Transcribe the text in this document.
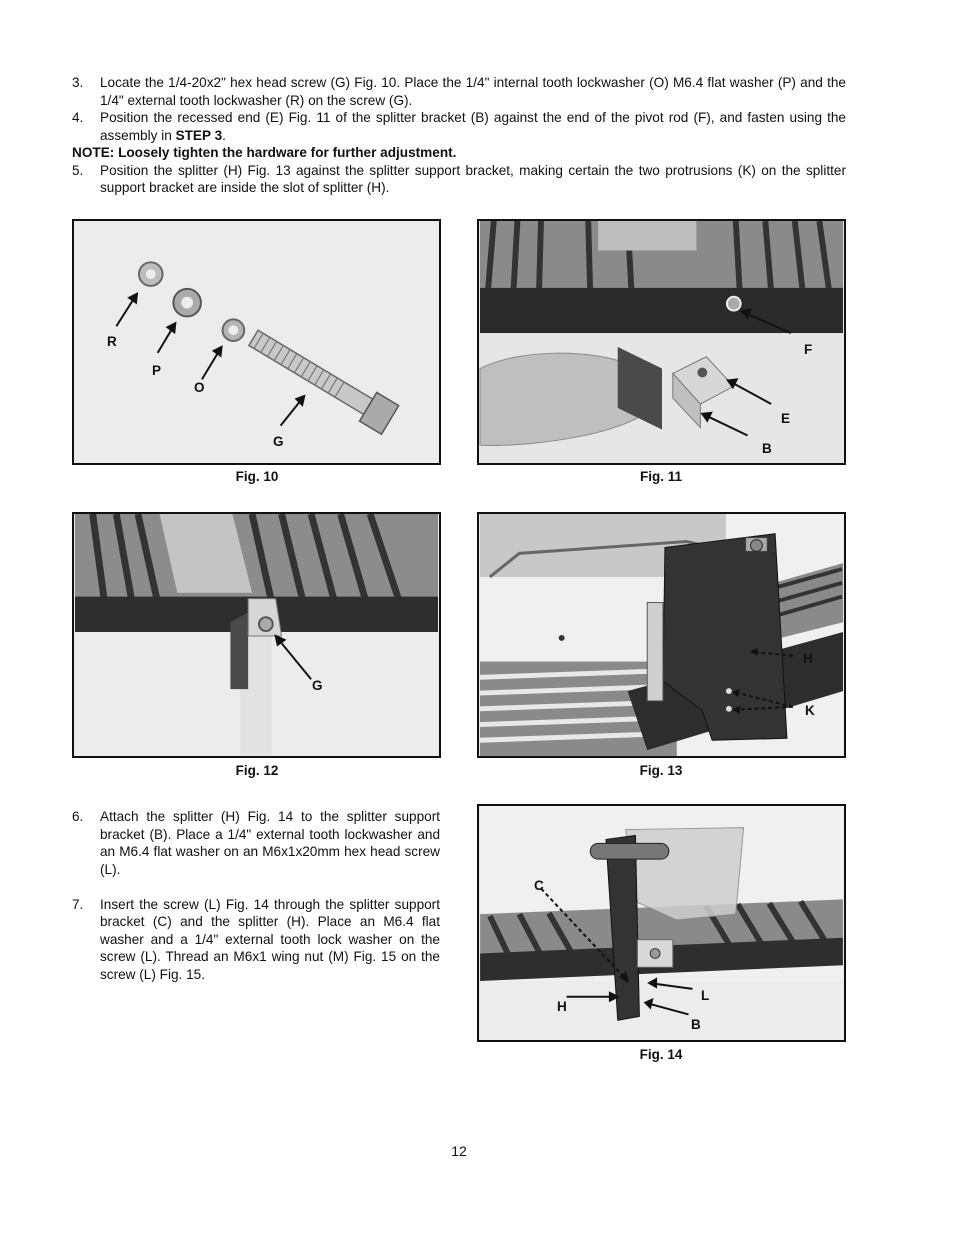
3.	Locate the 1/4-20x2" hex head screw (G) Fig. 10. Place the 1/4" internal tooth lockwasher (O) M6.4 flat washer (P) and the 1/4" external tooth lockwasher (R) on the screw (G).
4.	Position the recessed end (E) Fig. 11 of the splitter bracket (B) against the end of the pivot rod (F), and fasten using the assembly in STEP 3.
NOTE: Loosely tighten the hardware for further adjustment.
5.	Position the splitter (H) Fig. 13 against the splitter support bracket, making certain the two protrusions (K) on the splitter support bracket are inside the slot of splitter (H).
R
P
O
G
Fig. 10
F
E
B
Fig. 11
G
Fig. 12
H
K
Fig. 13
6.	Attach the splitter (H) Fig. 14 to the splitter support bracket (B). Place a 1/4" external tooth lockwasher and an M6.4 flat washer on an M6x1x20mm hex head screw (L).
7.	Insert the screw (L) Fig. 14 through the splitter support bracket (C) and the splitter (H). Place an M6.4 flat washer and a 1/4" external tooth lock washer on the screw (L). Thread an M6x1 wing nut (M) Fig. 15 on the screw (L) Fig. 15.
C
H
L
B
Fig. 14
12
